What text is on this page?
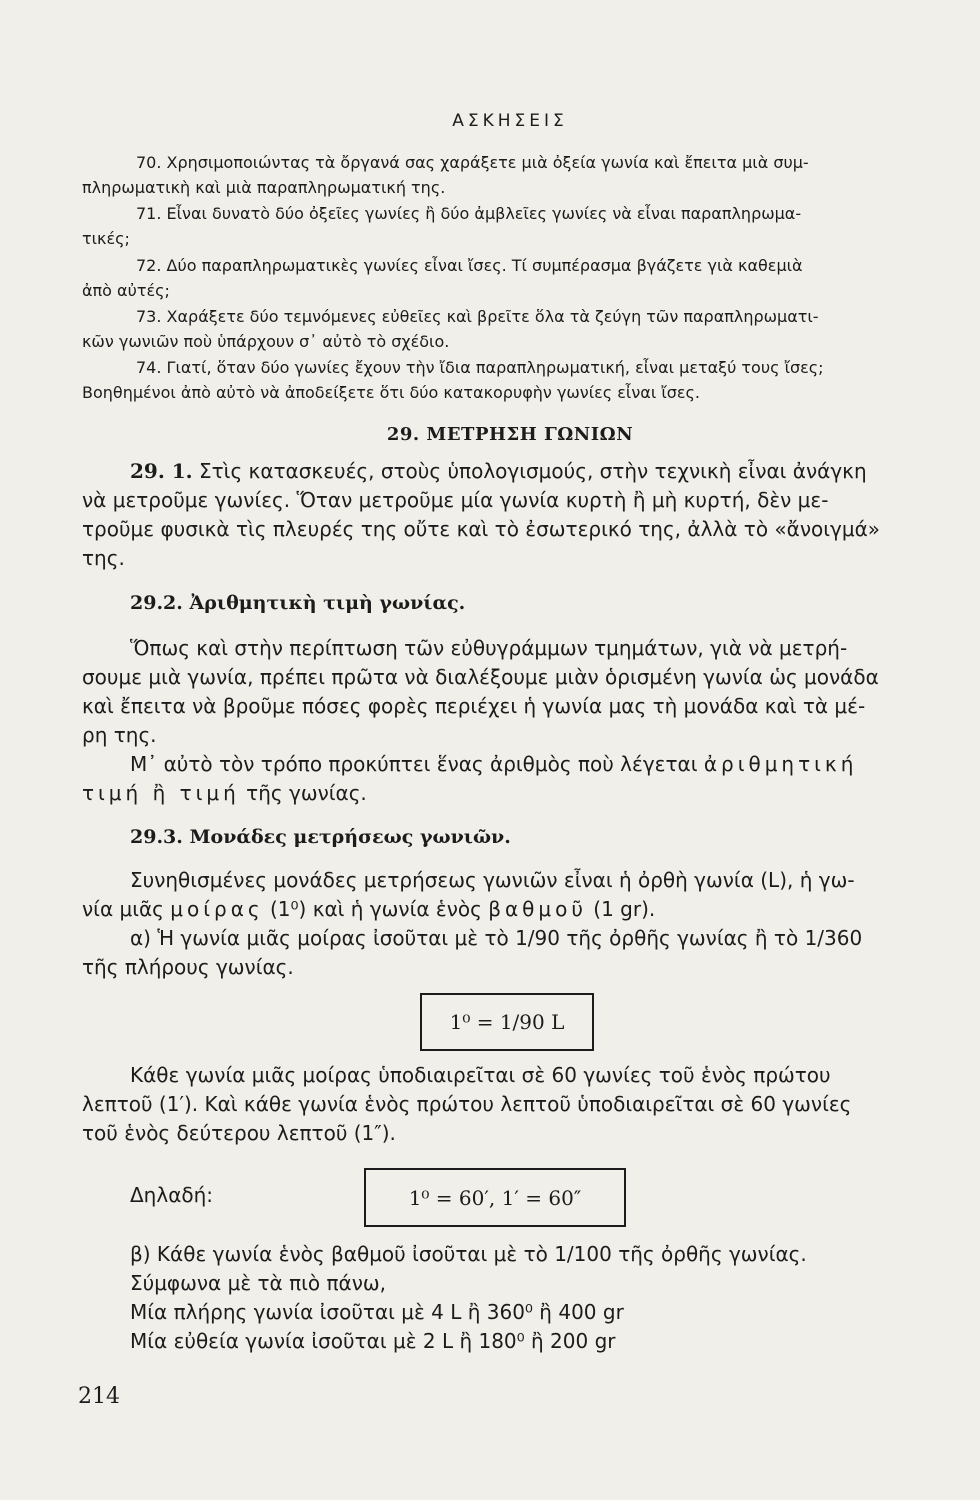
ΑΣΚΗΣΕΙΣ
70. Χρησιμοποιώντας τὰ ὄργανά σας χαράξετε μιὰ ὀξεία γωνία καὶ ἔπειτα μιὰ συμ-
πληρωματικὴ καὶ μιὰ παραπληρωματική της.
71. Εἶναι δυνατὸ δύο ὀξεῖες γωνίες ἢ δύο ἀμβλεῖες γωνίες νὰ εἶναι παραπληρωμα-
τικές;
72. Δύο παραπληρωματικὲς γωνίες εἶναι ἴσες. Τί συμπέρασμα βγάζετε γιὰ καθεμιὰ
ἀπὸ αὐτές;
73. Χαράξετε δύο τεμνόμενες εὐθεῖες καὶ βρεῖτε ὅλα τὰ ζεύγη τῶν παραπληρωματι-
κῶν γωνιῶν ποὺ ὑπάρχουν σ᾽ αὐτὸ τὸ σχέδιο.
74. Γιατί, ὅταν δύο γωνίες ἔχουν τὴν ἴδια παραπληρωματική, εἶναι μεταξύ τους ἴσες;
Βοηθημένοι ἀπὸ αὐτὸ νὰ ἀποδείξετε ὅτι δύο κατακορυφὴν γωνίες εἶναι ἴσες.
29. ΜΕΤΡΗΣΗ ΓΩΝΙΩΝ
29. 1. Στὶς κατασκευές, στοὺς ὑπολογισμούς, στὴν τεχνικὴ εἶναι ἀνάγκη
νὰ μετροῦμε γωνίες. Ὅταν μετροῦμε μία γωνία κυρτὴ ἢ μὴ κυρτή, δὲν με-
τροῦμε φυσικὰ τὶς πλευρές της οὔτε καὶ τὸ ἐσωτερικό της, ἀλλὰ τὸ «ἄνοιγμά»
της.
29.2. Ἀριθμητικὴ τιμὴ γωνίας.
Ὅπως καὶ στὴν περίπτωση τῶν εὐθυγράμμων τμημάτων, γιὰ νὰ μετρή-
σουμε μιὰ γωνία, πρέπει πρῶτα νὰ διαλέξουμε μιὰν ὁρισμένη γωνία ὡς μονάδα
καὶ ἔπειτα νὰ βροῦμε πόσες φορὲς περιέχει ἡ γωνία μας τὴ μονάδα καὶ τὰ μέ-
ρη της.
Μ᾽ αὐτὸ τὸν τρόπο προκύπτει ἕνας ἀριθμὸς ποὺ λέγεται ἀριθμητική
τιμή ἢ τιμή τῆς γωνίας.
29.3. Μονάδες μετρήσεως γωνιῶν.
Συνηθισμένες μονάδες μετρήσεως γωνιῶν εἶναι ἡ ὀρθὴ γωνία (L), ἡ γω-
νία μιᾶς μοίρας (1⁰) καὶ ἡ γωνία ἑνὸς βαθμοῦ (1 gr).
α) Ἡ γωνία μιᾶς μοίρας ἰσοῦται μὲ τὸ 1/90 τῆς ὀρθῆς γωνίας ἢ τὸ 1/360
τῆς πλήρους γωνίας.
1⁰ = 1/90 L
Κάθε γωνία μιᾶς μοίρας ὑποδιαιρεῖται σὲ 60 γωνίες τοῦ ἑνὸς πρώτου
λεπτοῦ (1′). Καὶ κάθε γωνία ἑνὸς πρώτου λεπτοῦ ὑποδιαιρεῖται σὲ 60 γωνίες
τοῦ ἑνὸς δεύτερου λεπτοῦ (1″).
Δηλαδή:	1⁰ = 60′, 1′ = 60″
β) Κάθε γωνία ἑνὸς βαθμοῦ ἰσοῦται μὲ τὸ 1/100 τῆς ὀρθῆς γωνίας.
Σύμφωνα μὲ τὰ πιὸ πάνω,
Μία πλήρης γωνία ἰσοῦται μὲ 4 L ἢ 360⁰ ἢ 400 gr
Μία εὐθεία γωνία ἰσοῦται μὲ 2 L ἢ 180⁰ ἢ 200 gr
214
